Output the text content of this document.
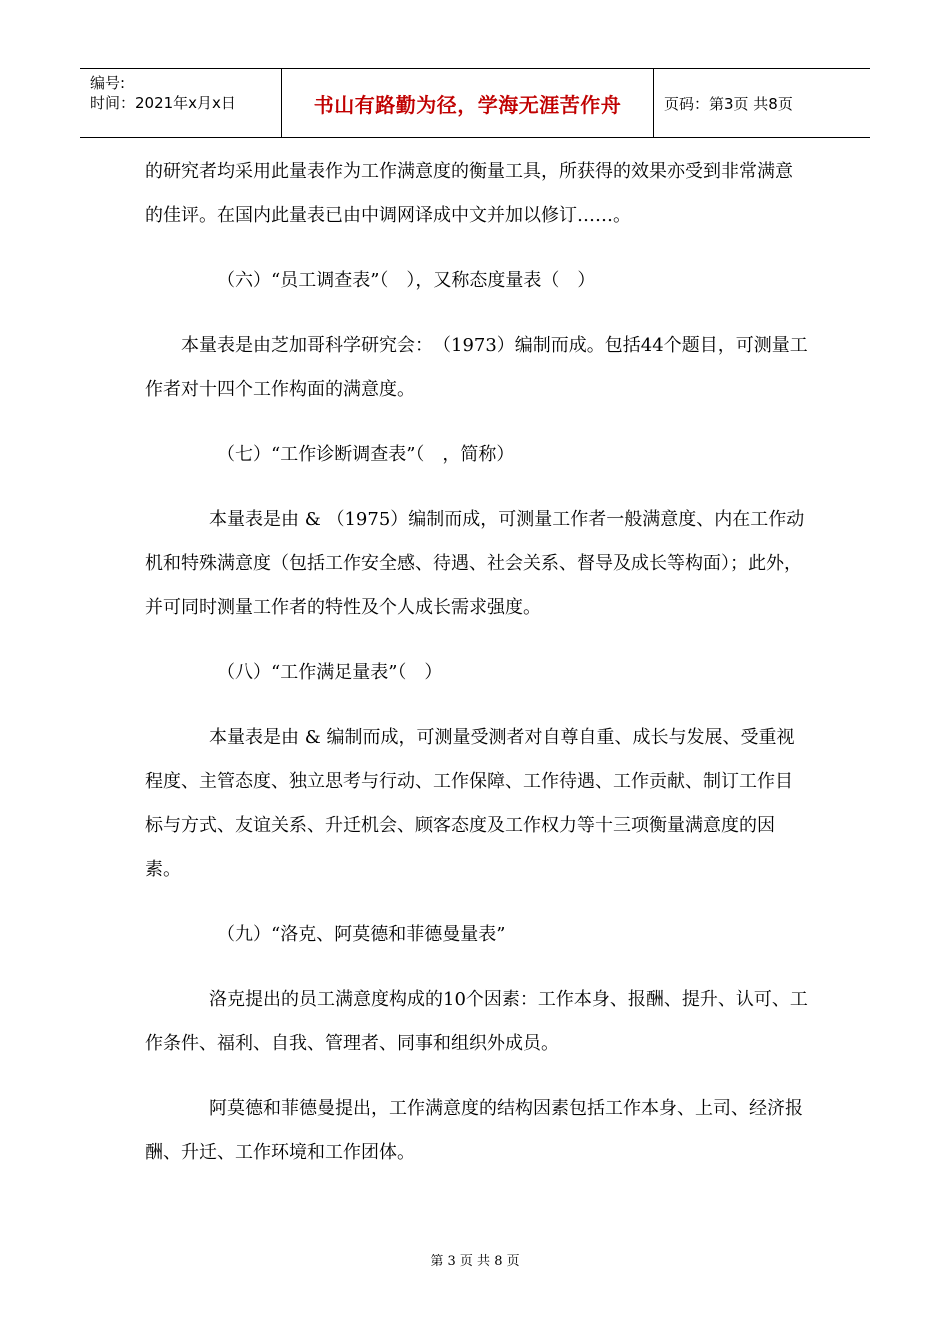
编号:
时间：2021年x月x日	书山有路勤为径，学海无涯苦作舟	页码：第3页 共8页

的研究者均采用此量表作为工作满意度的衡量工具，所获得的效果亦受到非常满意的佳评。在国内此量表已由中调网译成中文并加以修订……。

（六）“员工调查表”（　），又称态度量表（　）

本量表是由芝加哥科学研究会：　（1973）编制而成。包括44个题目，可测量工作者对十四个工作构面的满意度。

（七）“工作诊断调查表”（　，简称）

本量表是由 & （1975）编制而成，可测量工作者一般满意度、内在工作动机和特殊满意度（包括工作安全感、待遇、社会关系、督导及成长等构面）；此外，并可同时测量工作者的特性及个人成长需求强度。

（八）“工作满足量表”（　）

本量表是由 & 编制而成，可测量受测者对自尊自重、成长与发展、受重视程度、主管态度、独立思考与行动、工作保障、工作待遇、工作贡献、制订工作目标与方式、友谊关系、升迁机会、顾客态度及工作权力等十三项衡量满意度的因素。

（九）“洛克、阿莫德和菲德曼量表”

洛克提出的员工满意度构成的10个因素：工作本身、报酬、提升、认可、工作条件、福利、自我、管理者、同事和组织外成员。

阿莫德和菲德曼提出，工作满意度的结构因素包括工作本身、上司、经济报酬、升迁、工作环境和工作团体。

第 3 页 共 8 页
